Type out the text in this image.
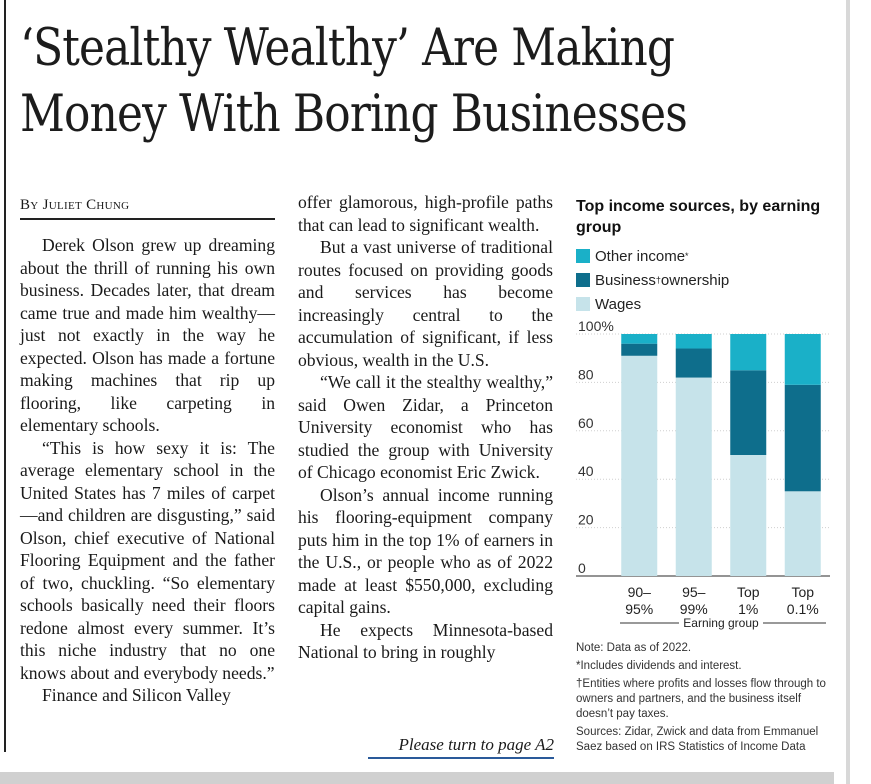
‘Stealthy Wealthy’ Are Making
Money With Boring Businesses
By Juliet Chung

Derek Olson grew up dreaming about the thrill of running his own business. Decades later, that dream came true and made him wealthy—just not exactly in the way he expected. Olson has made a fortune making machines that rip up flooring, like carpeting in elementary schools.

“This is how sexy it is: The average elementary school in the United States has 7 miles of carpet—and children are disgusting,” said Olson, chief executive of National Flooring Equipment and the father of two, chuckling. “So elementary schools basically need their floors redone almost every summer. It’s this niche industry that no one knows about and everybody needs.”

Finance and Silicon Valley

offer glamorous, high-profile paths that can lead to significant wealth.

But a vast universe of traditional routes focused on providing goods and services has become increasingly central to the accumulation of significant, if less obvious, wealth in the U.S.

“We call it the stealthy wealthy,” said Owen Zidar, a Princeton University economist who has studied the group with University of Chicago economist Eric Zwick.

Olson’s annual income running his flooring-equipment company puts him in the top 1% of earners in the U.S., or people who as of 2022 made at least $550,000, excluding capital gains.

He expects Minnesota-based National to bring in roughly

Please turn to page A2
Top income sources, by earning group
Other income *
Business † ownership
Wages
100%
80
60
40
20
0
90–
95%
95–
99%
Top
1%
Top
0.1%
Earning group
Note: Data as of 2022.
*Includes dividends and interest.
†Entities where profits and losses flow through to owners and partners, and the business itself doesn’t pay taxes.
Sources: Zidar, Zwick and data from Emmanuel Saez based on IRS Statistics of Income Data
